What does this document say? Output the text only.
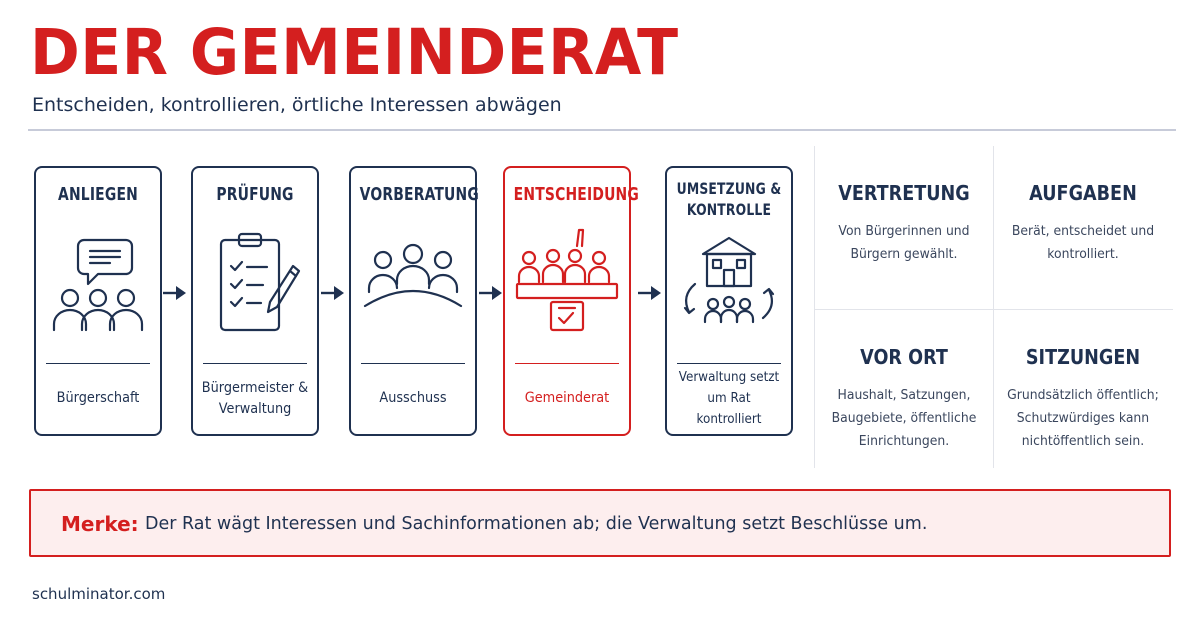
DER GEMEINDERAT
Entscheiden, kontrollieren, örtliche Interessen abwägen
ANLIEGEN
Bürgerschaft
PRÜFUNG
Bürgermeister & Verwaltung
VORBERATUNG
Ausschuss
ENTSCHEIDUNG
Gemeinderat
UMSETZUNG & KONTROLLE
Verwaltung setzt um Rat kontrolliert
VERTRETUNG
Von Bürgerinnen und Bürgern gewählt.
AUFGABEN
Berät, entscheidet und kontrolliert.
VOR ORT
Haushalt, Satzungen, Baugebiete, öffentliche Einrichtungen.
SITZUNGEN
Grundsätzlich öffentlich; Schutzwürdiges kann nichtöffentlich sein.
Merke: Der Rat wägt Interessen und Sachinformationen ab; die Verwaltung setzt Beschlüsse um.
schulminator.com
